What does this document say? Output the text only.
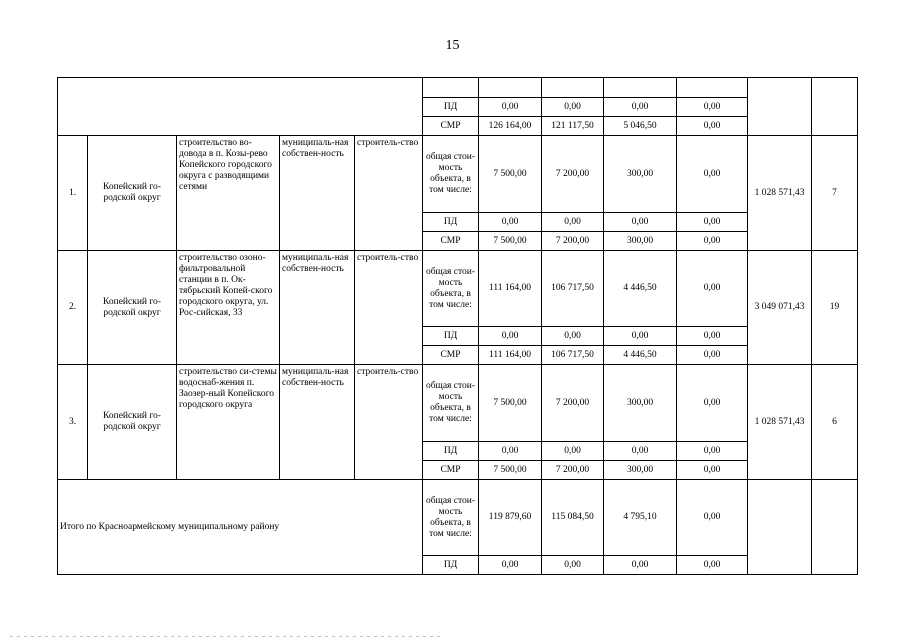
15

					ПД	0,00	0,00	0,00	0,00		
					СМР	126 164,00	121 117,50	5 046,50	0,00		
1.	Копейский го-родской округ	строительство во-довода в п. Козы-рево Копейского городского округа с разводящими сетями	муниципаль-ная собствен-ность	строитель-ство	общая стои-мость объекта, в том числе:	7 500,00	7 200,00	300,00	0,00	1 028 571,43	7
					ПД	0,00	0,00	0,00	0,00		
					СМР	7 500,00	7 200,00	300,00	0,00		
2.	Копейский го-родской округ	строительство озоно-фильтровальной станции в п. Ок-тябрьский Копей-ского городского округа, ул. Рос-сийская, 33	муниципаль-ная собствен-ность	строитель-ство	общая стои-мость объекта, в том числе:	111 164,00	106 717,50	4 446,50	0,00	3 049 071,43	19
					ПД	0,00	0,00	0,00	0,00		
					СМР	111 164,00	106 717,50	4 446,50	0,00		
3.	Копейский го-родской округ	строительство си-стемы водоснаб-жения п. Заозер-ный Копейского городского округа	муниципаль-ная собствен-ность	строитель-ство	общая стои-мость объекта, в том числе:	7 500,00	7 200,00	300,00	0,00	1 028 571,43	6
					ПД	0,00	0,00	0,00	0,00		
					СМР	7 500,00	7 200,00	300,00	0,00		
Итого по Красноармейскому муниципальному району					общая стои-мость объекта, в том числе:	119 879,60	115 084,50	4 795,10	0,00		
					ПД	0,00	0,00	0,00	0,00		
